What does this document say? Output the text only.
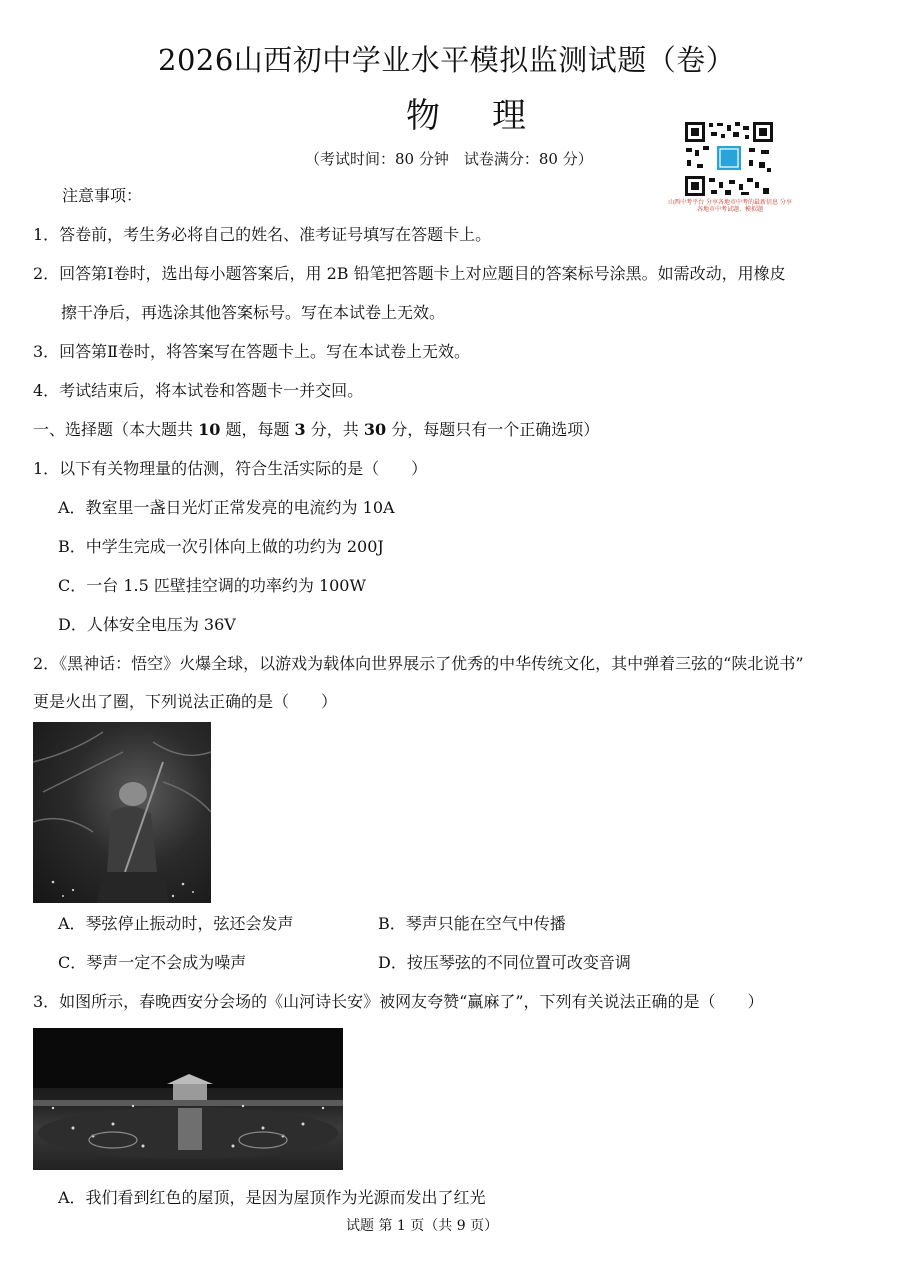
2026山西初中学业水平模拟监测试题（卷）
物理
（考试时间：80 分钟　试卷满分：80 分）
山西中考平台 分享各地市中考的最新信息 分享各地市中考试题、模拟题
注意事项：
1．答卷前，考生务必将自己的姓名、准考证号填写在答题卡上。
2．回答第Ⅰ卷时，选出每小题答案后，用 2B 铅笔把答题卡上对应题目的答案标号涂黑。如需改动，用橡皮
擦干净后，再选涂其他答案标号。写在本试卷上无效。
3．回答第Ⅱ卷时，将答案写在答题卡上。写在本试卷上无效。
4．考试结束后，将本试卷和答题卡一并交回。
一、选择题（本大题共 10 题，每题 3 分，共 30 分，每题只有一个正确选项）
1．以下有关物理量的估测，符合生活实际的是（　　）
A．教室里一盏日光灯正常发亮的电流约为 10A
B．中学生完成一次引体向上做的功约为 200J
C．一台 1.5 匹壁挂空调的功率约为 100W
D．人体安全电压为 36V
2．《黑神话：悟空》火爆全球，以游戏为载体向世界展示了优秀的中华传统文化，其中弹着三弦的“陕北说书”
更是火出了圈，下列说法正确的是（　　）
A．琴弦停止振动时，弦还会发声	B．琴声只能在空气中传播
C．琴声一定不会成为噪声	D．按压琴弦的不同位置可改变音调
3．如图所示，春晚西安分会场的《山河诗长安》被网友夸赞“赢麻了”，下列有关说法正确的是（　　）
A．我们看到红色的屋顶，是因为屋顶作为光源而发出了红光
试题 第 1 页（共 9 页）
